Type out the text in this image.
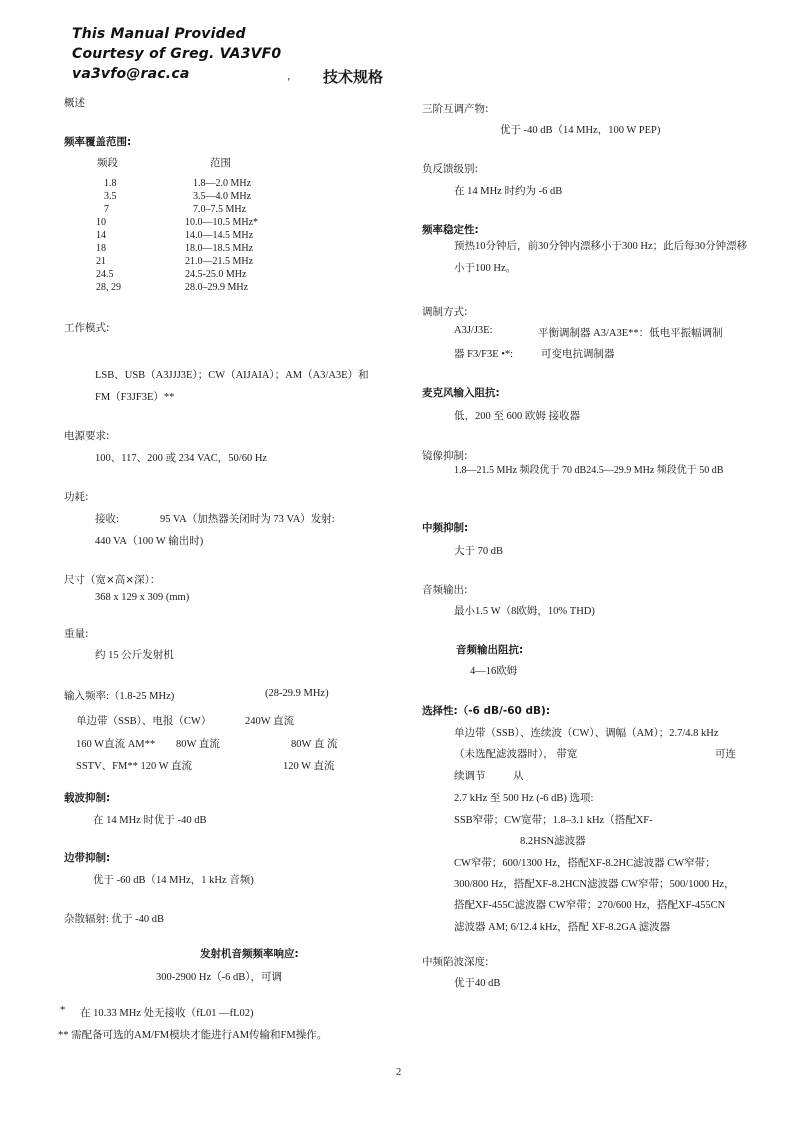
This Manual Provided
Courtesy of Greg. VA3VF0
va3vfo@rac.ca	， 技术规格
概述
频率覆盖范围:
频段	范围
1.8	1.8—2.0 MHz
3.5	3.5—4.0 MHz
7	7.0–7.5 MHz
10	10.0—10.5 MHz*
14	14.0—14.5 MHz
18	18.0—18.5 MHz
21	21.0—21.5 MHz
24.5	24.5-25.0 MHz
28, 29	28.0–29.9 MHz
工作模式:
LSB、USB（A3JJJ3E）；CW（AIJAIA）；AM（A3/A3E）和
FM（F3JF3E）**
电源要求:
100、117、200 或 234 VAC，50/60 Hz
功耗:
接收:	95 VA（加热器关闭时为 73 VA）发射:
440 VA（100 W 输出时)
尺寸（宽×高×深）：
368 x 129 x 309 (mm)
重量:
约 15 公斤发射机
输入频率:（1.8-25 MHz)	(28-29.9 MHz)
单边带（SSB）、电报（CW）	240W 直流
160 W直流 AM** 80W 直流	80W 直 流
SSTV、FM** 120 W 直流	120 W 直流
载波抑制:
在 14 MHz 时优于 -40 dB
边带抑制:
优于 -60 dB（14 MHz，1 kHz 音频)
杂散辐射: 优于 -40 dB
发射机音频频率响应:
300-2900 Hz（-6 dB），可调
* 在 10.33 MHz 处无接收（fL01 —fL02)
** 需配备可选的AM/FM模块才能进行AM传输和FM操作。
三阶互调产物:
优于 -40 dB（14 MHz，100 W PEP)
负反馈级别:
在 14 MHz 时约为 -6 dB
频率稳定性:
预热10分钟后，前30分钟内漂移小于300 Hz；此后每30分钟漂移小于100 Hz。
调制方式:
A3J/J3E:	平衡调制器 A3/A3E**：低电平振幅调制
器 F3/F3E •*:	可变电抗调制器
麦克风输入阻抗:
低，200 至 600 欧姆 接收器
镜像抑制:
1.8—21.5 MHz 频段优于 70 dB24.5—29.9 MHz 频段优于 50 dB
中频抑制:
大于 70 dB
音频输出:
最小1.5 W（8欧姆，10% THD)
音频输出阻抗:
4—16欧姆
选择性:（-6 dB/-60 dB):
单边带（SSB）、连续波（CW）、调幅（AM）；2.7/4.8 kHz
（未选配滤波器时）， 带宽	可连
续调节	从
2.7 kHz 至 500 Hz (-6 dB) 选项:
SSB窄带；CW宽带；1.8–3.1 kHz（搭配XF-
8.2HSN滤波器
CW窄带；600/1300 Hz，搭配XF-8.2HC滤波器 CW窄带；
300/800 Hz，搭配XF-8.2HCN滤波器 CW窄带；500/1000 Hz，
搭配XF-455C滤波器 CW窄带；270/600 Hz，搭配XF-455CN
滤波器 AM; 6/12.4 kHz，搭配 XF-8.2GA 滤波器
中频陷波深度:
优于40 dB
2
